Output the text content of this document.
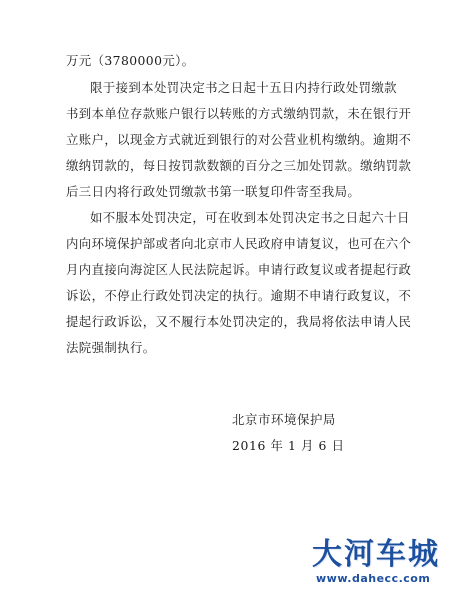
万元（3780000元）。
限于接到本处罚决定书之日起十五日内持行政处罚缴款
书到本单位存款账户银行以转账的方式缴纳罚款，未在银行开
立账户，以现金方式就近到银行的对公营业机构缴纳。逾期不
缴纳罚款的，每日按罚款数额的百分之三加处罚款。缴纳罚款
后三日内将行政处罚缴款书第一联复印件寄至我局。
如不服本处罚决定，可在收到本处罚决定书之日起六十日
内向环境保护部或者向北京市人民政府申请复议，也可在六个
月内直接向海淀区人民法院起诉。申请行政复议或者提起行政
诉讼，不停止行政处罚决定的执行。逾期不申请行政复议，不
提起行政诉讼，又不履行本处罚决定的，我局将依法申请人民
法院强制执行。
北京市环境保护局
2016 年 1 月 6 日
大河车城
www.dahecc.com
